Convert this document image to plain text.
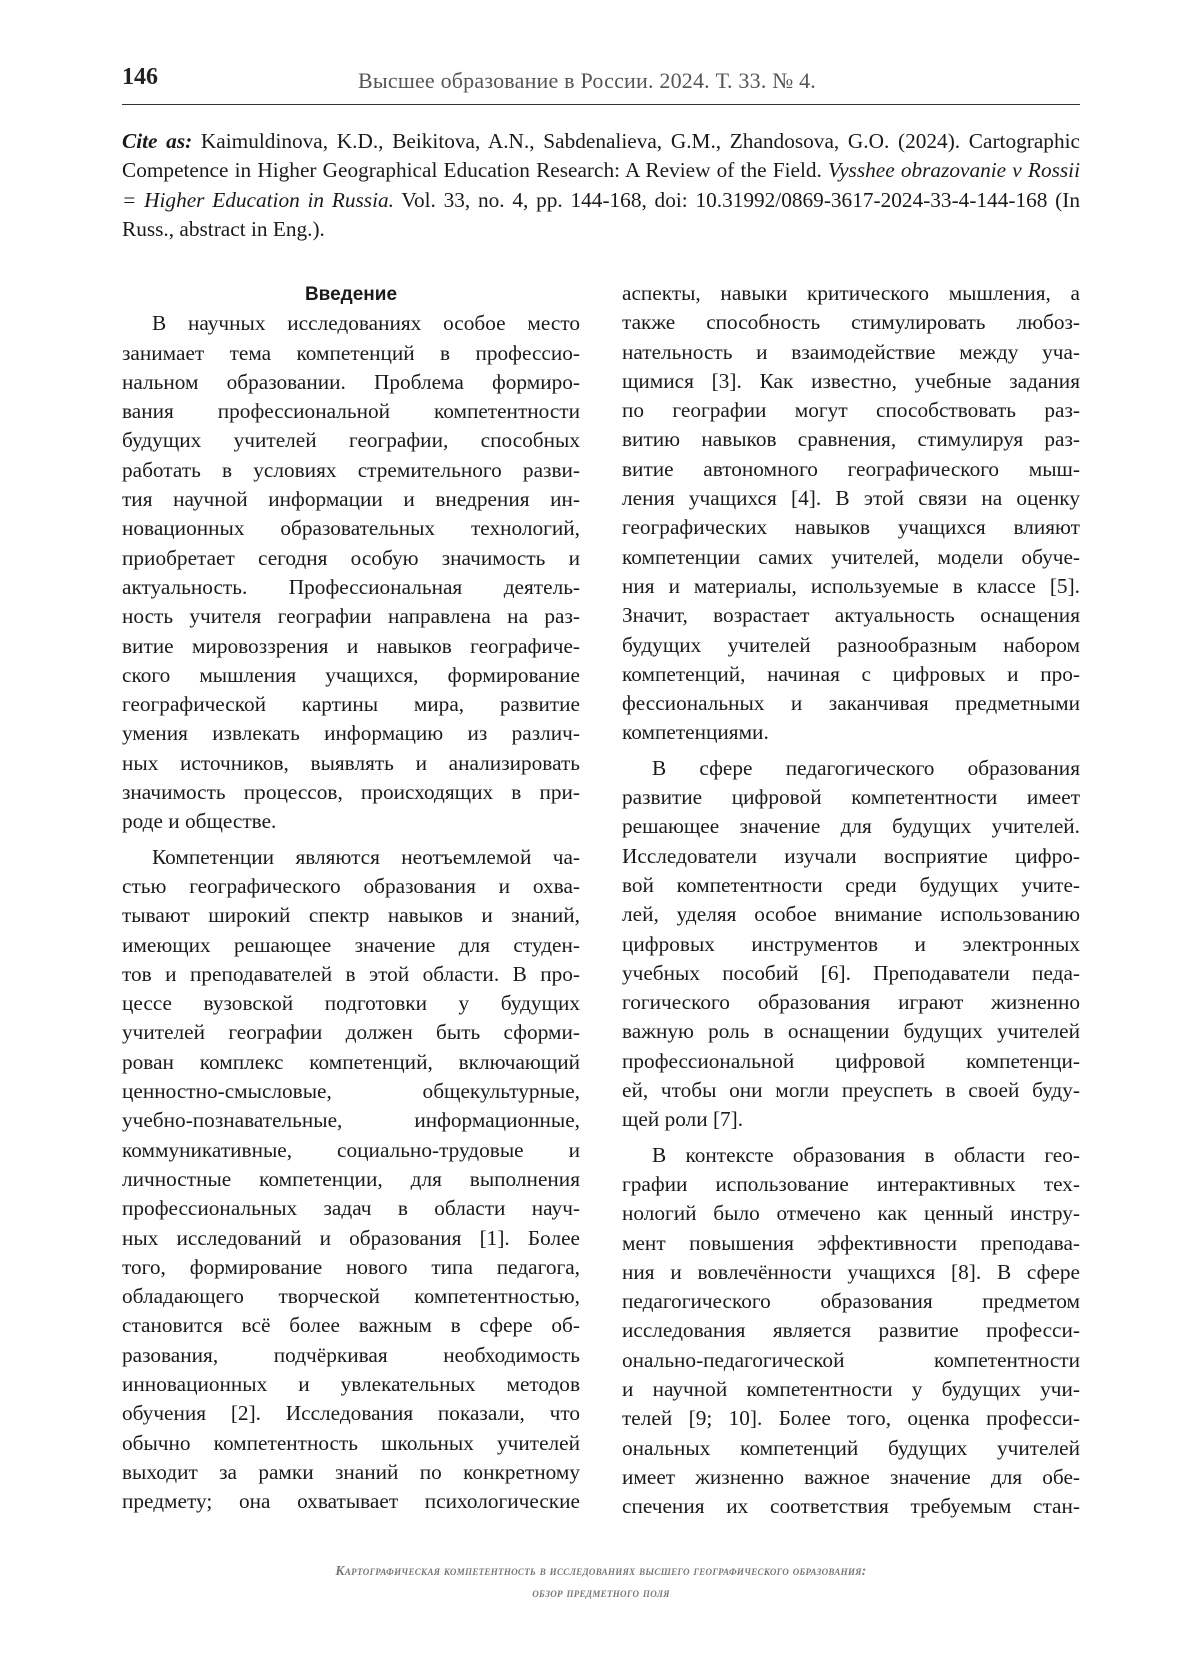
146	Высшее образование в России. 2024. Т. 33. № 4.
Cite as: Kaimuldinova, K.D., Beikitova, A.N., Sabdenalieva, G.M., Zhandosova, G.O. (2024). Cartographic Competence in Higher Geographical Education Research: A Review of the Field. Vysshee obrazovanie v Rossii = Higher Education in Russia. Vol. 33, no. 4, pp. 144-168, doi: 10.31992/0869-3617-2024-33-4-144-168 (In Russ., abstract in Eng.).
Введение
В научных исследованиях особое место
занимает тема компетенций в профессио-
нальном образовании. Проблема формиро-
вания профессиональной компетентности
будущих учителей географии, способных
работать в условиях стремительного разви-
тия научной информации и внедрения ин-
новационных образовательных технологий,
приобретает сегодня особую значимость и
актуальность. Профессиональная деятель-
ность учителя географии направлена на раз-
витие мировоззрения и навыков географиче-
ского мышления учащихся, формирование
географической картины мира, развитие
умения извлекать информацию из различ-
ных источников, выявлять и анализировать
значимость процессов, происходящих в при-
роде и обществе.
Компетенции являются неотъемлемой ча-
стью географического образования и охва-
тывают широкий спектр навыков и знаний,
имеющих решающее значение для студен-
тов и преподавателей в этой области. В про-
цессе вузовской подготовки у будущих
учителей географии должен быть сформи-
рован комплекс компетенций, включающий
ценностно-смысловые, общекультурные,
учебно-познавательные, информационные,
коммуникативные, социально-трудовые и
личностные компетенции, для выполнения
профессиональных задач в области науч-
ных исследований и образования [1]. Более
того, формирование нового типа педагога,
обладающего творческой компетентностью,
становится всё более важным в сфере об-
разования, подчёркивая необходимость
инновационных и увлекательных методов
обучения [2]. Исследования показали, что
обычно компетентность школьных учителей
выходит за рамки знаний по конкретному
предмету; она охватывает психологические
аспекты, навыки критического мышления, а
также способность стимулировать любоз-
нательность и взаимодействие между уча-
щимися [3]. Как известно, учебные задания
по географии могут способствовать раз-
витию навыков сравнения, стимулируя раз-
витие автономного географического мыш-
ления учащихся [4]. В этой связи на оценку
географических навыков учащихся влияют
компетенции самих учителей, модели обуче-
ния и материалы, используемые в классе [5].
Значит, возрастает актуальность оснащения
будущих учителей разнообразным набором
компетенций, начиная с цифровых и про-
фессиональных и заканчивая предметными
компетенциями.
В сфере педагогического образования
развитие цифровой компетентности имеет
решающее значение для будущих учителей.
Исследователи изучали восприятие цифро-
вой компетентности среди будущих учите-
лей, уделяя особое внимание использованию
цифровых инструментов и электронных
учебных пособий [6]. Преподаватели педа-
гогического образования играют жизненно
важную роль в оснащении будущих учителей
профессиональной цифровой компетенци-
ей, чтобы они могли преуспеть в своей буду-
щей роли [7].
В контексте образования в области гео-
графии использование интерактивных тех-
нологий было отмечено как ценный инстру-
мент повышения эффективности преподава-
ния и вовлечённости учащихся [8]. В сфере
педагогического образования предметом
исследования является развитие професси-
онально-педагогической компетентности
и научной компетентности у будущих учи-
телей [9; 10]. Более того, оценка професси-
ональных компетенций будущих учителей
имеет жизненно важное значение для обе-
спечения их соответствия требуемым стан-
Картографическая компетентность в исследованиях высшего географического образования:
обзор предметного поля
